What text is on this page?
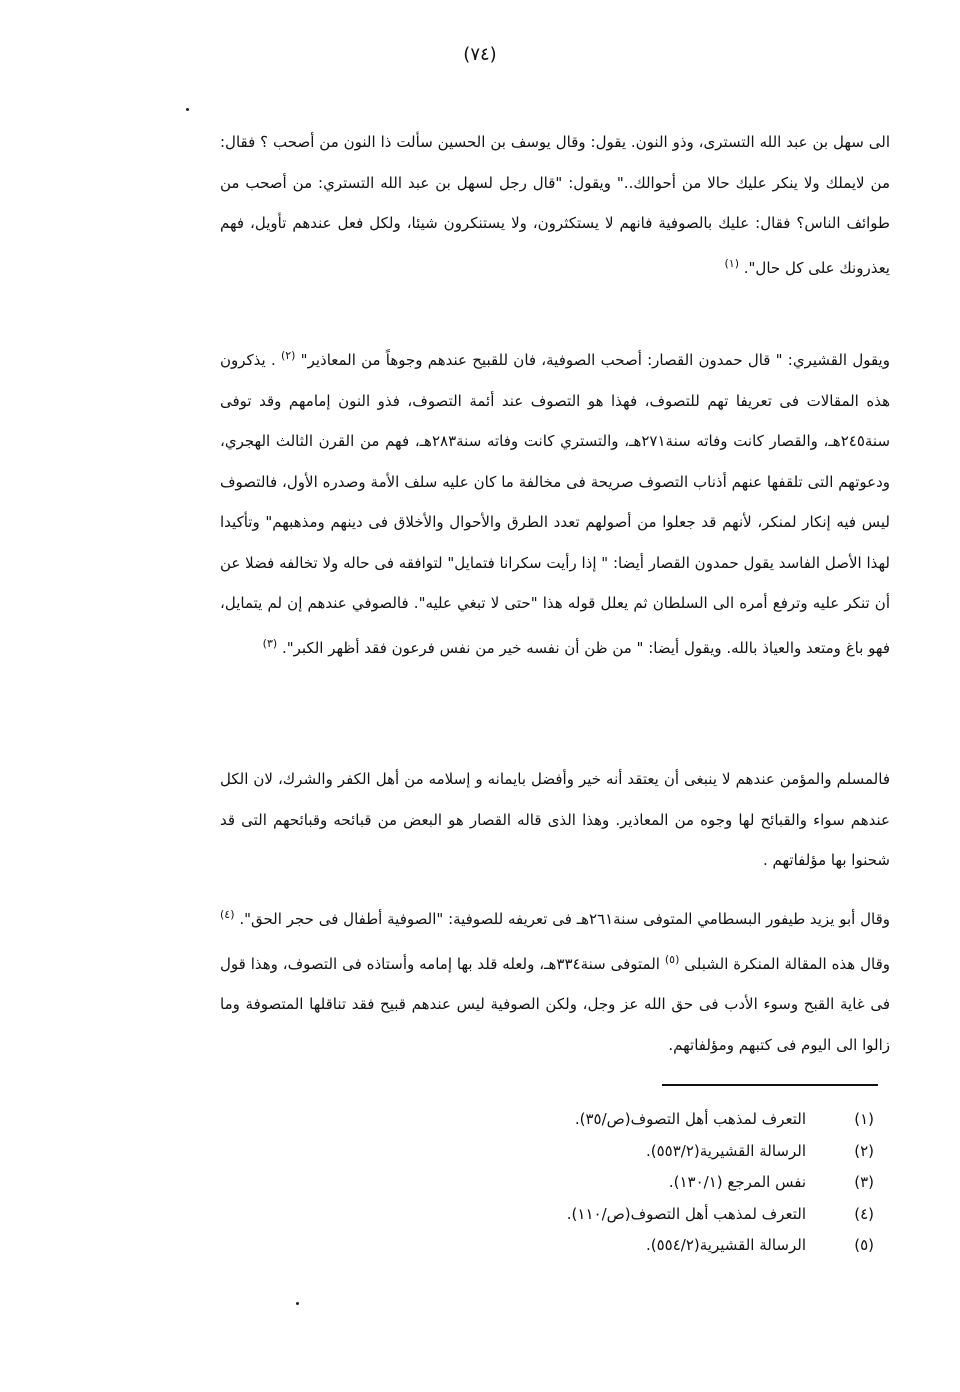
(٧٤)

الى سهل بن عبد الله التسترى، وذو النون. يقول: وقال يوسف بن الحسين سألت ذا النون من أصحب ؟ فقال: من لايملك ولا ينكر عليك حالا من أحوالك.." ويقول: "قال رجل لسهل بن عبد الله التستري: من أصحب من طوائف الناس؟ فقال: عليك بالصوفية فانهم لا يستكثرون، ولا يستنكرون شيئا، ولكل فعل عندهم تأويل، فهم يعذرونك على كل حال". $^{(١)}$

ويقول القشيري: " قال حمدون القصار: أصحب الصوفية، فان للقبيح عندهم وجوهاً من المعاذير" $^{(٢)}$ . يذكرون هذه المقالات فى تعريفا تهم للتصوف، فهذا هو التصوف عند أئمة التصوف، فذو النون إمامهم وقد توفى سنة٢٤٥هـ، والقصار كانت وفاته سنة٢٧١هـ، والتستري كانت وفاته سنة٢٨٣هـ، فهم من القرن الثالث الهجري، ودعوتهم التى تلقفها عنهم أذناب التصوف صريحة فى مخالفة ما كان عليه سلف الأمة وصدره الأول، فالتصوف ليس فيه إنكار لمنكر، لأنهم قد جعلوا من أصولهم تعدد الطرق والأحوال والأخلاق فى دينهم ومذهبهم" وتأكيدا لهذا الأصل الفاسد يقول حمدون القصار أيضا: " إذا رأيت سكرانا فتمايل" لتوافقه فى حاله ولا تخالفه فضلا عن أن تنكر عليه وترفع أمره الى السلطان ثم يعلل قوله هذا "حتى لا تبغي عليه". فالصوفي عندهم إن لم يتمايل، فهو باغ ومتعد والعياذ بالله. ويقول أيضا: " من ظن أن نفسه خير من نفس فرعون فقد أظهر الكبر". $^{(٣)}$

فالمسلم والمؤمن عندهم لا ينبغى أن يعتقد أنه خير وأفضل بايمانه و إسلامه من أهل الكفر والشرك، لان الكل عندهم سواء والقبائح لها وجوه من المعاذير. وهذا الذى قاله القصار هو البعض من قبائحه وقبائحهم التى قد شحنوا بها مؤلفاتهم .

وقال أبو يزيد طيفور البسطامي المتوفى سنة٢٦١هـ فى تعريفه للصوفية: "الصوفية أطفال فى حجر الحق". $^{(٤)}$ وقال هذه المقالة المنكرة الشبلى $^{(٥)}$ المتوفى سنة٣٣٤هـ، ولعله قلد بها إمامه وأستاذه فى التصوف، وهذا قول فى غاية القبح وسوء الأدب فى حق الله عز وجل، ولكن الصوفية ليس عندهم قبيح فقد تناقلها المتصوفة وما زالوا الى اليوم فى كتبهم ومؤلفاتهم.

(١)
التعرف لمذهب أهل التصوف(ص/٣٥).
(٢)
الرسالة القشيرية(٥٥٣/٢).
(٣)
نفس المرجع (١٣٠/١).
(٤)
التعرف لمذهب أهل التصوف(ص/١١٠).
(٥)
الرسالة القشيرية(٥٥٤/٢).
